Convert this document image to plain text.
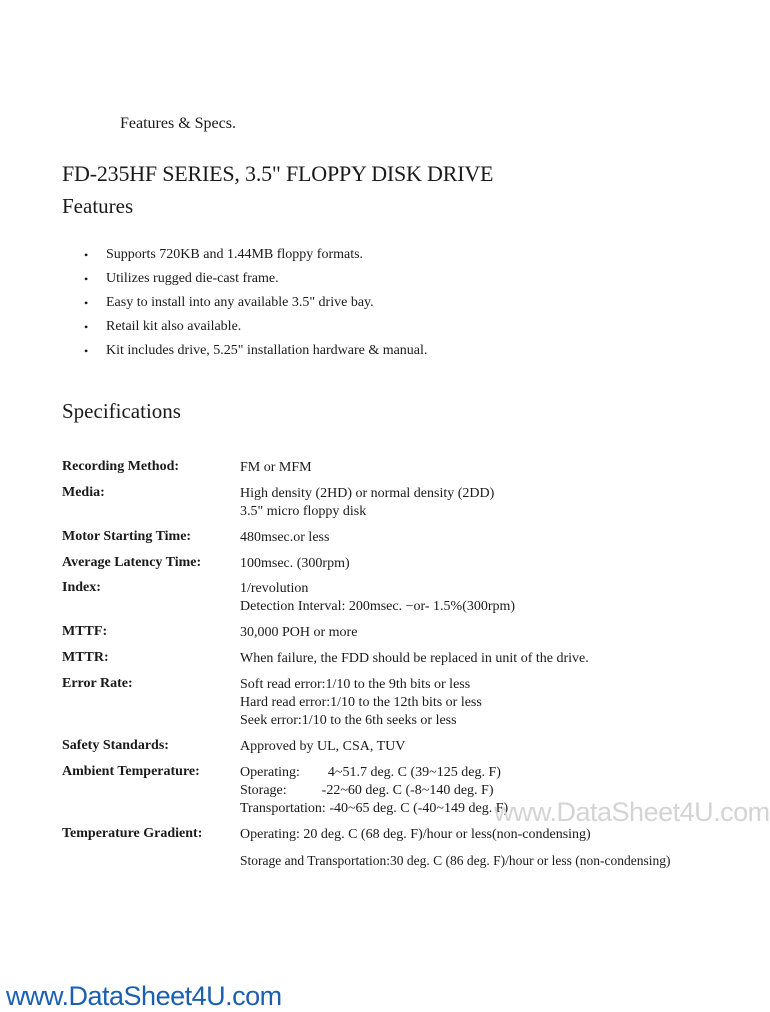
Features & Specs.
FD-235HF SERIES, 3.5" FLOPPY DISK DRIVE
Features
• Supports 720KB and 1.44MB floppy formats.
• Utilizes rugged die-cast frame.
• Easy to install into any available 3.5" drive bay.
• Retail kit also available.
• Kit includes drive, 5.25" installation hardware & manual.
Specifications
Recording Method:	FM or MFM
Media:	High density (2HD) or normal density (2DD)
3.5" micro floppy disk
Motor Starting Time:	480msec.or less
Average Latency Time:	100msec. (300rpm)
Index:	1/revolution
Detection Interval: 200msec. −or- 1.5%(300rpm)
MTTF:	30,000 POH or more
MTTR:	When failure, the FDD should be replaced in unit of the drive.
Error Rate:	Soft read error:1/10 to the 9th bits or less
Hard read error:1/10 to the 12th bits or less
Seek error:1/10 to the 6th seeks or less
Safety Standards:	Approved by UL, CSA, TUV
Ambient Temperature:	Operating:        4~51.7 deg. C (39~125 deg. F)
Storage:          -22~60 deg. C (-8~140 deg. F)
Transportation: -40~65 deg. C (-40~149 deg. F)
Temperature Gradient:	Operating: 20 deg. C (68 deg. F)/hour or less(non-condensing)
Storage and Transportation:30 deg. C (86 deg. F)/hour or less (non-condensing)
www.DataSheet4U.com
www.DataSheet4U.com
